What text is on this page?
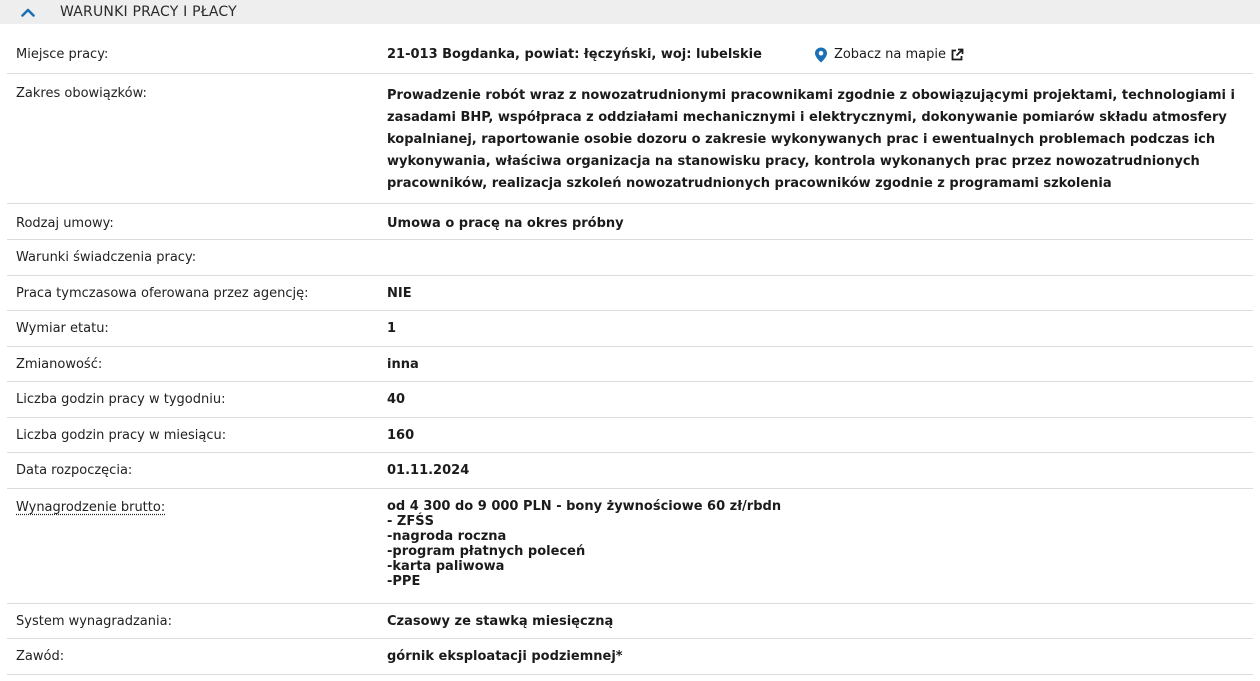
WARUNKI PRACY I PŁACY
Miejsce pracy:	21-013 Bogdanka, powiat: łęczyński, woj: lubelskie	Zobacz na mapie
Zakres obowiązków:	Prowadzenie robót wraz z nowozatrudnionymi pracownikami zgodnie z obowiązującymi projektami, technologiami i zasadami BHP, współpraca z oddziałami mechanicznymi i elektrycznymi, dokonywanie pomiarów składu atmosfery kopalnianej, raportowanie osobie dozoru o zakresie wykonywanych prac i ewentualnych problemach podczas ich wykonywania, właściwa organizacja na stanowisku pracy, kontrola wykonanych prac przez nowozatrudnionych pracowników, realizacja szkoleń nowozatrudnionych pracowników zgodnie z programami szkolenia
Rodzaj umowy:	Umowa o pracę na okres próbny
Warunki świadczenia pracy:
Praca tymczasowa oferowana przez agencję:	NIE
Wymiar etatu:	1
Zmianowość:	inna
Liczba godzin pracy w tygodniu:	40
Liczba godzin pracy w miesiącu:	160
Data rozpoczęcia:	01.11.2024
Wynagrodzenie brutto:	od 4 300 do 9 000 PLN - bony żywnościowe 60 zł/rbdn
- ZFŚS
-nagroda roczna
-program płatnych poleceń
-karta paliwowa
-PPE
System wynagradzania:	Czasowy ze stawką miesięczną
Zawód:	górnik eksploatacji podziemnej*
